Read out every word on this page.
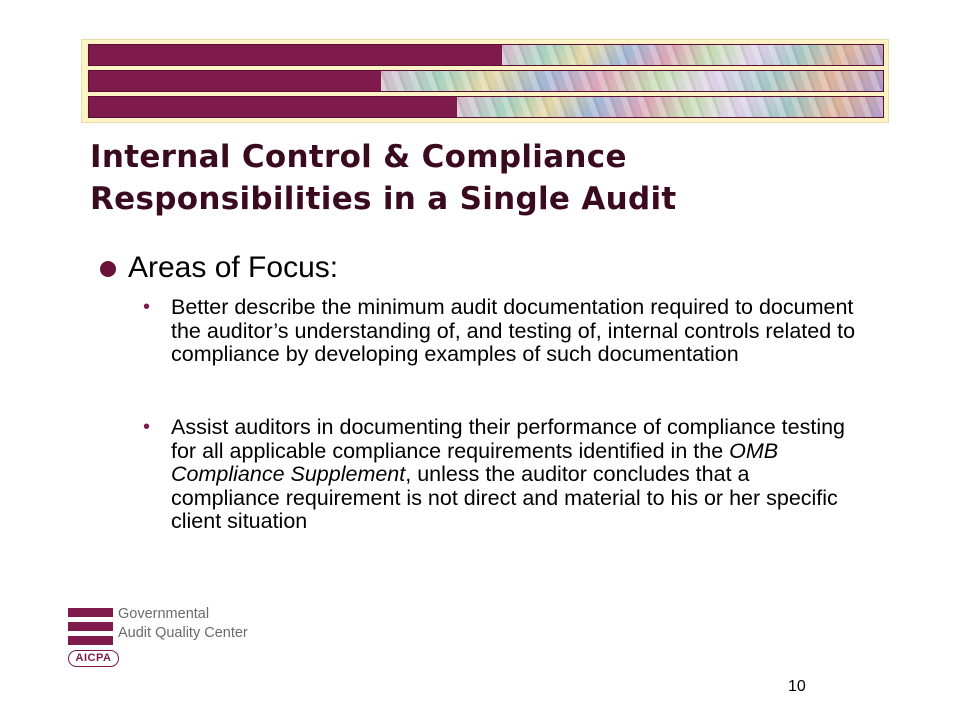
Internal Control & Compliance
Responsibilities in a Single Audit
Areas of Focus:
• Better describe the minimum audit documentation required to document the auditor’s understanding of, and testing of, internal controls related to compliance by developing examples of such documentation
• Assist auditors in documenting their performance of compliance testing for all applicable compliance requirements identified in the OMB Compliance Supplement, unless the auditor concludes that a compliance requirement is not direct and material to his or her specific client situation
AICPA
Governmental
Audit Quality Center
10
